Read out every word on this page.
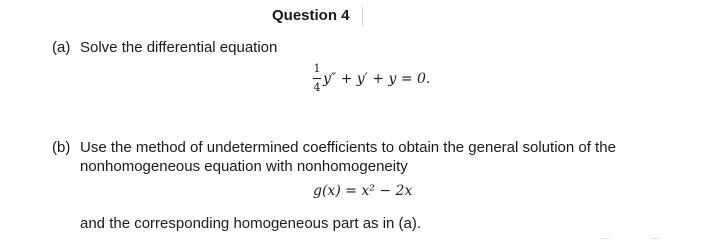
Question 4
(a) Solve the differential equation
1
4
y″ + y′ + y = 0.
(b) Use the method of undetermined coefficients to obtain the general solution of the
nonhomogeneous equation with nonhomogeneity
g(x) = x² − 2x
and the corresponding homogeneous part as in (a).
